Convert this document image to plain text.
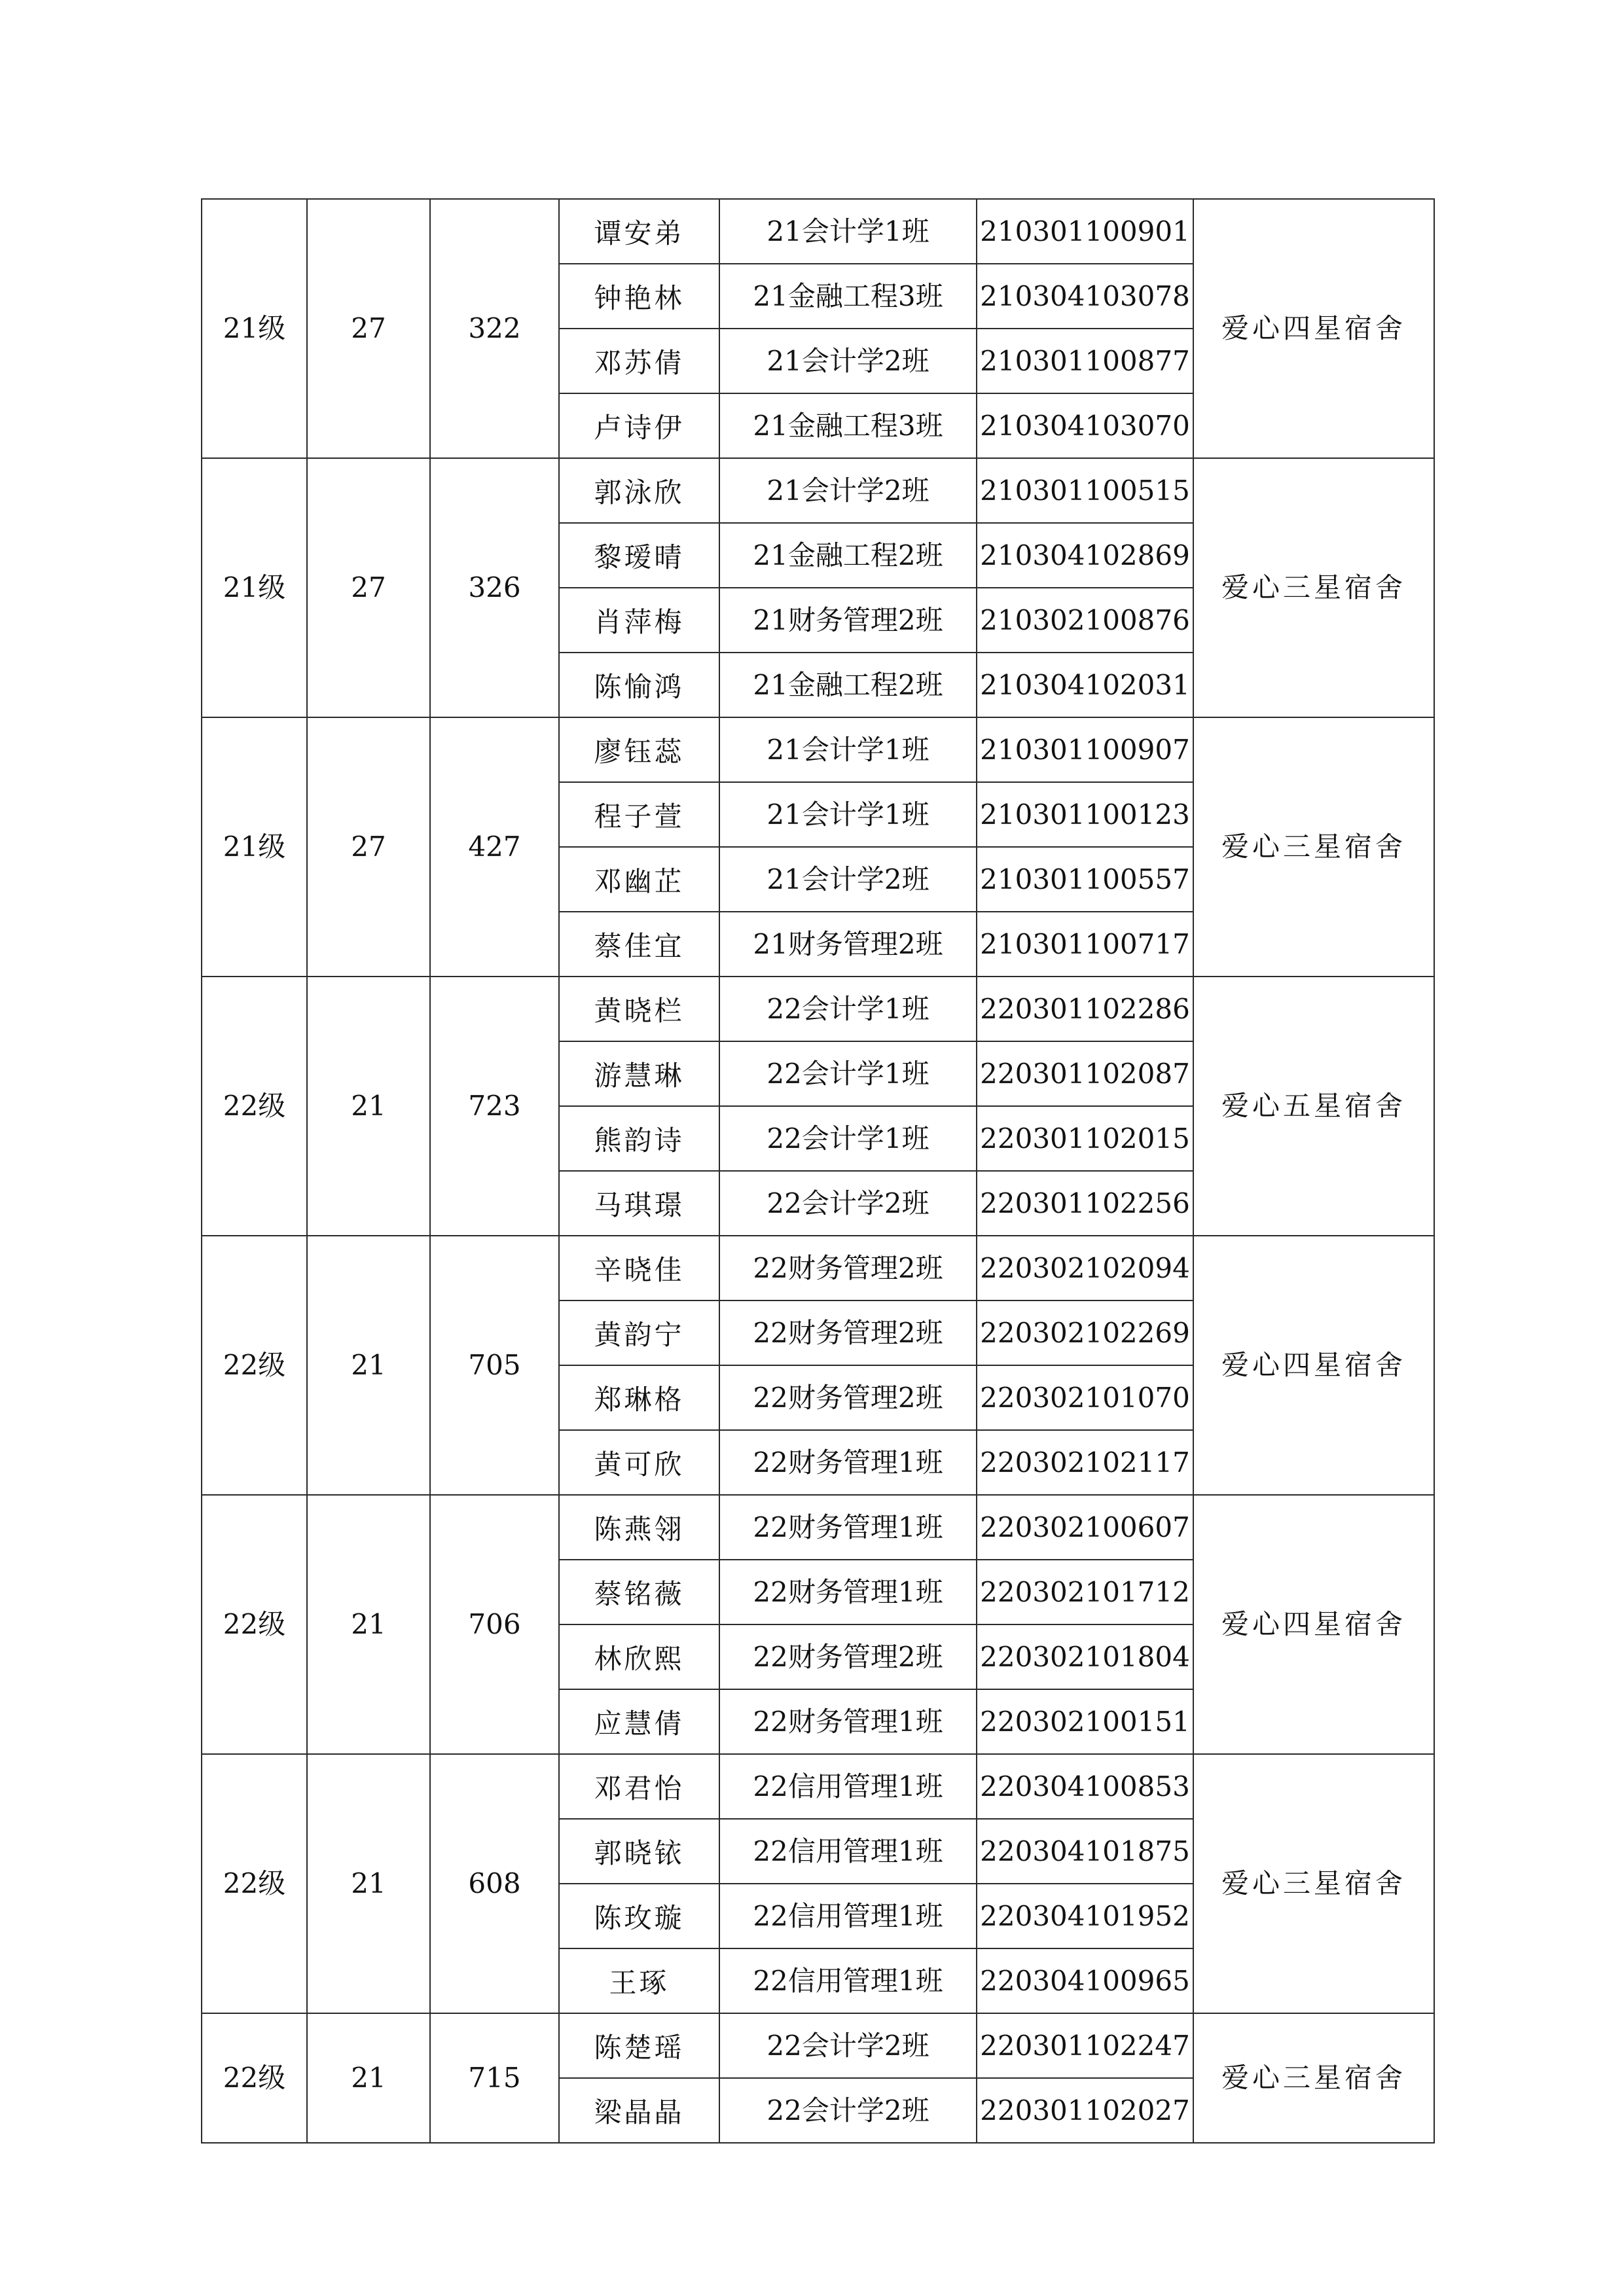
21级	27	322	谭安弟	21会计学1班	210301100901	爱心四星宿舍
			钟艳林	21金融工程3班	210304103078	
			邓苏倩	21会计学2班	210301100877	
			卢诗伊	21金融工程3班	210304103070	
21级	27	326	郭泳欣	21会计学2班	210301100515	爱心三星宿舍
			黎瑷晴	21金融工程2班	210304102869	
			肖萍梅	21财务管理2班	210302100876	
			陈愉鸿	21金融工程2班	210304102031	
21级	27	427	廖钰蕊	21会计学1班	210301100907	爱心三星宿舍
			程子萱	21会计学1班	210301100123	
			邓幽芷	21会计学2班	210301100557	
			蔡佳宜	21财务管理2班	210301100717	
22级	21	723	黄晓栏	22会计学1班	220301102286	爱心五星宿舍
			游慧琳	22会计学1班	220301102087	
			熊韵诗	22会计学1班	220301102015	
			马琪璟	22会计学2班	220301102256	
22级	21	705	辛晓佳	22财务管理2班	220302102094	爱心四星宿舍
			黄韵宁	22财务管理2班	220302102269	
			郑琳格	22财务管理2班	220302101070	
			黄可欣	22财务管理1班	220302102117	
22级	21	706	陈燕翎	22财务管理1班	220302100607	爱心四星宿舍
			蔡铭薇	22财务管理1班	220302101712	
			林欣熙	22财务管理2班	220302101804	
			应慧倩	22财务管理1班	220302100151	
22级	21	608	邓君怡	22信用管理1班	220304100853	爱心三星宿舍
			郭晓铱	22信用管理1班	220304101875	
			陈玫璇	22信用管理1班	220304101952	
			王琢	22信用管理1班	220304100965	
22级	21	715	陈楚瑶	22会计学2班	220301102247	爱心三星宿舍
			梁晶晶	22会计学2班	220301102027	
